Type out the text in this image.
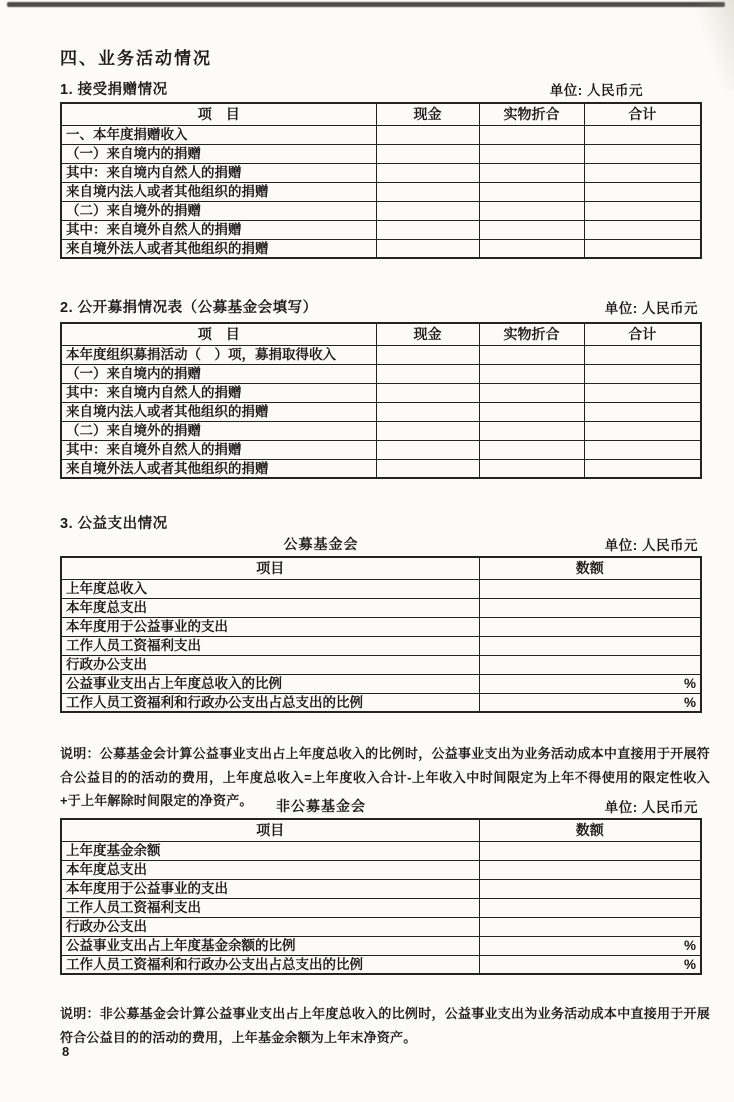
四、业务活动情况
1. 接受捐赠情况	单位: 人民币元
项　目	现金	实物折合	合计
一、本年度捐赠收入			
（一）来自境内的捐赠			
其中：来自境内自然人的捐赠			
来自境内法人或者其他组织的捐赠			
（二）来自境外的捐赠			
其中：来自境外自然人的捐赠			
来自境外法人或者其他组织的捐赠			
2. 公开募捐情况表（公募基金会填写）	单位: 人民币元
项　目	现金	实物折合	合计
本年度组织募捐活动（　）项，募捐取得收入			
（一）来自境内的捐赠			
其中：来自境内自然人的捐赠			
来自境内法人或者其他组织的捐赠			
（二）来自境外的捐赠			
其中：来自境外自然人的捐赠			
来自境外法人或者其他组织的捐赠			
3. 公益支出情况
公募基金会	单位: 人民币元
项目	数额
上年度总收入	
本年度总支出	
本年度用于公益事业的支出	
工作人员工资福利支出	
行政办公支出	
公益事业支出占上年度总收入的比例	%
工作人员工资福利和行政办公支出占总支出的比例	%
说明：公募基金会计算公益事业支出占上年度总收入的比例时，公益事业支出为业务活动成本中直接用于开展符合公益目的的活动的费用，上年度总收入=上年度收入合计-上年收入中时间限定为上年不得使用的限定性收入+于上年解除时间限定的净资产。	非公募基金会	单位: 人民币元
项目	数额
上年度基金余额	
本年度总支出	
本年度用于公益事业的支出	
工作人员工资福利支出	
行政办公支出	
公益事业支出占上年度基金余额的比例	%
工作人员工资福利和行政办公支出占总支出的比例	%
说明：非公募基金会计算公益事业支出占上年度总收入的比例时，公益事业支出为业务活动成本中直接用于开展符合公益目的的活动的费用，上年基金余额为上年末净资产。
8
